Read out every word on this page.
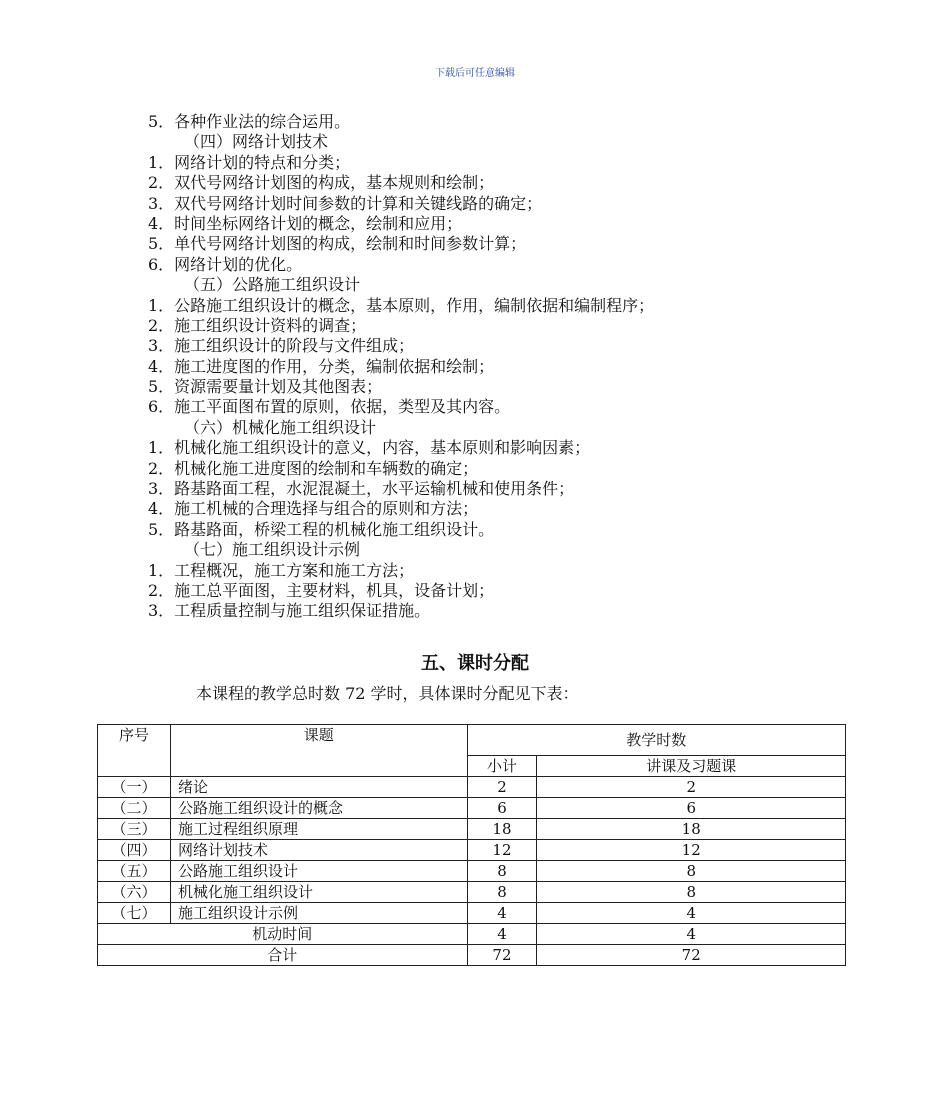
下载后可任意编辑
5．各种作业法的综合运用。
（四）网络计划技术
1．网络计划的特点和分类；
2．双代号网络计划图的构成，基本规则和绘制；
3．双代号网络计划时间参数的计算和关键线路的确定；
4．时间坐标网络计划的概念，绘制和应用；
5．单代号网络计划图的构成，绘制和时间参数计算；
6．网络计划的优化。
（五）公路施工组织设计
1．公路施工组织设计的概念，基本原则，作用，编制依据和编制程序；
2．施工组织设计资料的调查；
3．施工组织设计的阶段与文件组成；
4．施工进度图的作用，分类，编制依据和绘制；
5．资源需要量计划及其他图表；
6．施工平面图布置的原则，依据，类型及其内容。
（六）机械化施工组织设计
1．机械化施工组织设计的意义，内容，基本原则和影响因素；
2．机械化施工进度图的绘制和车辆数的确定；
3．路基路面工程，水泥混凝土，水平运输机械和使用条件；
4．施工机械的合理选择与组合的原则和方法；
5．路基路面，桥梁工程的机械化施工组织设计。
（七）施工组织设计示例
1．工程概况，施工方案和施工方法；
2．施工总平面图，主要材料，机具，设备计划；
3．工程质量控制与施工组织保证措施。
五、课时分配
本课程的教学总时数 72 学时，具体课时分配见下表：
序号	课题	教学时数	
		小计	讲课及习题课
（一）	绪论	2	2
（二）	公路施工组织设计的概念	6	6
（三）	施工过程组织原理	18	18
（四）	网络计划技术	12	12
（五）	公路施工组织设计	8	8
（六）	机械化施工组织设计	8	8
（七）	施工组织设计示例	4	4
机动时间		4	4
合计		72	72
